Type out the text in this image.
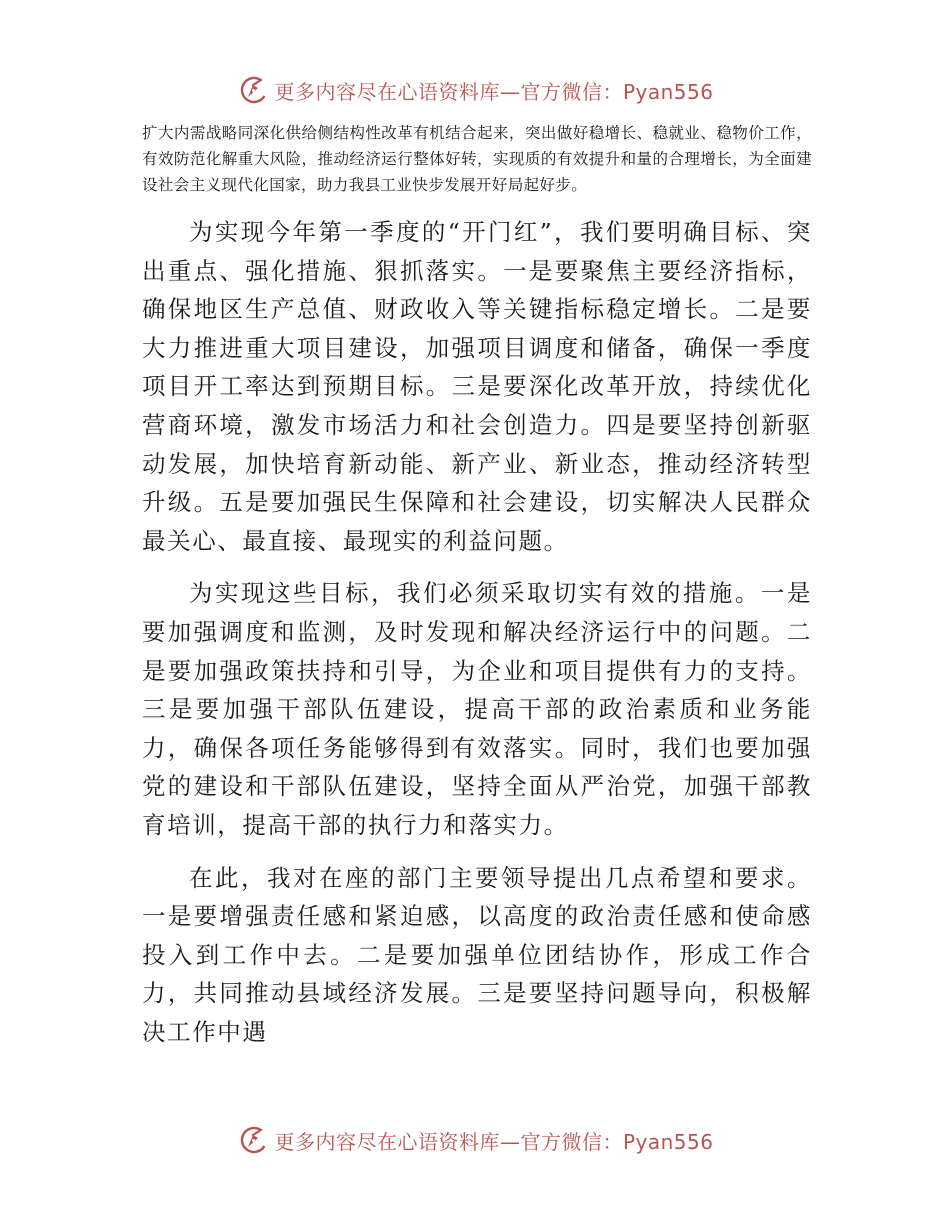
更多内容尽在心语资料库—官方微信：Pyan556
扩大内需战略同深化供给侧结构性改革有机结合起来，突出做好稳增长、稳就业、稳物价工作，有效防范化解重大风险，推动经济运行整体好转，实现质的有效提升和量的合理增长，为全面建设社会主义现代化国家，助力我县工业快步发展开好局起好步。

为实现今年第一季度的“开门红”，我们要明确目标、突出重点、强化措施、狠抓落实。一是要聚焦主要经济指标，确保地区生产总值、财政收入等关键指标稳定增长。二是要大力推进重大项目建设，加强项目调度和储备，确保一季度项目开工率达到预期目标。三是要深化改革开放，持续优化营商环境，激发市场活力和社会创造力。四是要坚持创新驱动发展，加快培育新动能、新产业、新业态，推动经济转型升级。五是要加强民生保障和社会建设，切实解决人民群众最关心、最直接、最现实的利益问题。

为实现这些目标，我们必须采取切实有效的措施。一是要加强调度和监测，及时发现和解决经济运行中的问题。二是要加强政策扶持和引导，为企业和项目提供有力的支持。三是要加强干部队伍建设，提高干部的政治素质和业务能力，确保各项任务能够得到有效落实。同时，我们也要加强党的建设和干部队伍建设，坚持全面从严治党，加强干部教育培训，提高干部的执行力和落实力。

在此，我对在座的部门主要领导提出几点希望和要求。一是要增强责任感和紧迫感，以高度的政治责任感和使命感投入到工作中去。二是要加强单位团结协作，形成工作合力，共同推动县域经济发展。三是要坚持问题导向，积极解决工作中遇

更多内容尽在心语资料库—官方微信：Pyan556
